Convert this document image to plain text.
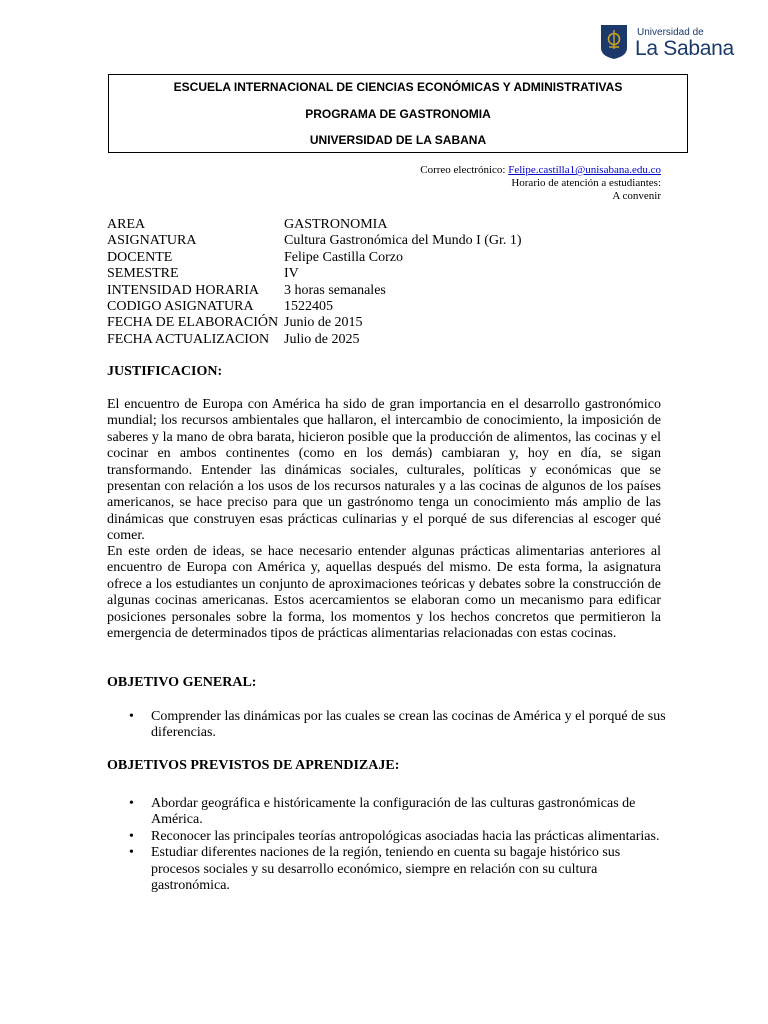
Universidad de
La Sabana
ESCUELA INTERNACIONAL DE CIENCIAS ECONÓMICAS Y ADMINISTRATIVAS
PROGRAMA DE GASTRONOMIA
UNIVERSIDAD DE LA SABANA
Correo electrónico: Felipe.castilla1@unisabana.edu.co
Horario de atención a estudiantes:
A convenir
AREA	GASTRONOMIA
ASIGNATURA	Cultura Gastronómica del Mundo I (Gr. 1)
DOCENTE	Felipe Castilla Corzo
SEMESTRE	IV
INTENSIDAD HORARIA	3 horas semanales
CODIGO ASIGNATURA	1522405
FECHA DE ELABORACIÓN Junio de 2015
FECHA ACTUALIZACION	Julio de 2025
JUSTIFICACION:
El encuentro de Europa con América ha sido de gran importancia en el desarrollo gastronómico mundial; los recursos ambientales que hallaron, el intercambio de conocimiento, la imposición de saberes y la mano de obra barata, hicieron posible que la producción de alimentos, las cocinas y el cocinar en ambos continentes (como en los demás) cambiaran y, hoy en día, se sigan transformando. Entender las dinámicas sociales, culturales, políticas y económicas que se presentan con relación a los usos de los recursos naturales y a las cocinas de algunos de los países americanos, se hace preciso para que un gastrónomo tenga un conocimiento más amplio de las dinámicas que construyen esas prácticas culinarias y el porqué de sus diferencias al escoger qué comer.
En este orden de ideas, se hace necesario entender algunas prácticas alimentarias anteriores al encuentro de Europa con América y, aquellas después del mismo. De esta forma, la asignatura ofrece a los estudiantes un conjunto de aproximaciones teóricas y debates sobre la construcción de algunas cocinas americanas. Estos acercamientos se elaboran como un mecanismo para edificar posiciones personales sobre la forma, los momentos y los hechos concretos que permitieron la emergencia de determinados tipos de prácticas alimentarias relacionadas con estas cocinas.
OBJETIVO GENERAL:
• Comprender las dinámicas por las cuales se crean las cocinas de América y el porqué de sus diferencias.
OBJETIVOS PREVISTOS DE APRENDIZAJE:
• Abordar geográfica e históricamente la configuración de las culturas gastronómicas de América.
• Reconocer las principales teorías antropológicas asociadas hacia las prácticas alimentarias.
• Estudiar diferentes naciones de la región, teniendo en cuenta su bagaje histórico sus procesos sociales y su desarrollo económico, siempre en relación con su cultura gastronómica.
